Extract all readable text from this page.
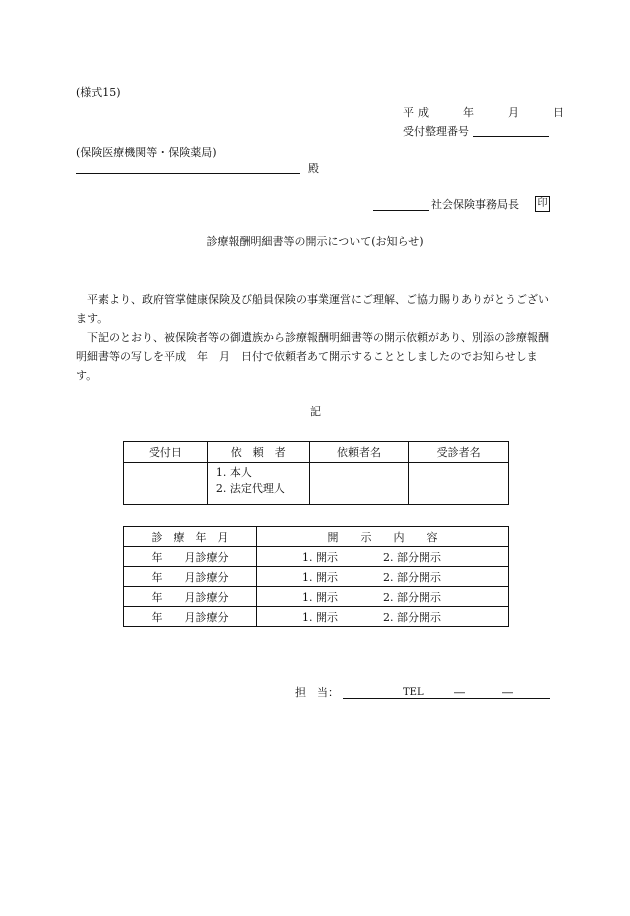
(様式15)
平成　　年　　月　　日
受付整理番号
(保険医療機関等・保険薬局)
殿
社会保険事務局長 印
診療報酬明細書等の開示について(お知らせ)

平素より、政府管掌健康保険及び船員保険の事業運営にご理解、ご協力賜りありがとうございます。

下記のとおり、被保険者等の御遺族から診療報酬明細書等の開示依頼があり、別添の診療報酬明細書等の写しを平成　年　月　日付で依頼者あて開示することとしましたのでお知らせします。

記
受付日	依　頼　者	依頼者名	受診者名

	1. 本人
2. 法定代理人		

診　療　年　月	開　　示　　内　　容	
年　　月診療分	1. 開示	2. 部分開示
年　　月診療分	1. 開示	2. 部分開示
年　　月診療分	1. 開示	2. 部分開示
年　　月診療分	1. 開示	2. 部分開示
担　当：	TEL	―	―
